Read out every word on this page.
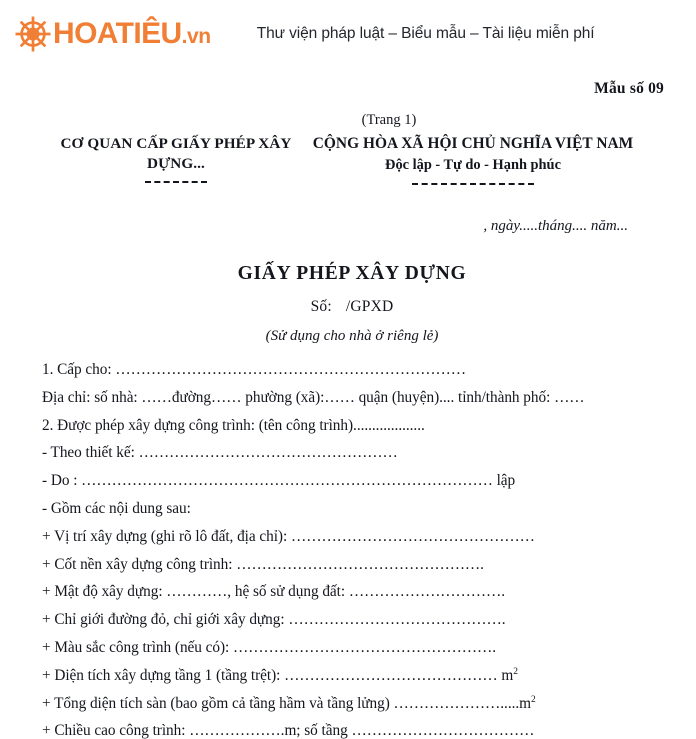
HOATIÊU.vn	Thư viện pháp luật – Biểu mẫu – Tài liệu miễn phí
Mẫu số 09
(Trang 1)
CƠ QUAN CẤP GIẤY PHÉP XÂY DỰNG...
CỘNG HÒA XÃ HỘI CHỦ NGHĨA VIỆT NAM
Độc lập - Tự do - Hạnh phúc
, ngày.....tháng.... năm...
GIẤY PHÉP XÂY DỰNG
Số: /GPXD
(Sử dụng cho nhà ở riêng lẻ)
1. Cấp cho: ……………………………………………………………
Địa chỉ: số nhà: ……đường…… phường (xã):…… quận (huyện).... tỉnh/thành phố: ……
2. Được phép xây dựng công trình: (tên công trình)...................
- Theo thiết kế: ……………………………………………
- Do : ……………………………………………………………………… lập
- Gồm các nội dung sau:
+ Vị trí xây dựng (ghi rõ lô đất, địa chỉ): …………………………………………
+ Cốt nền xây dựng công trình: ………………………………………….
+ Mật độ xây dựng: …………, hệ số sử dụng đất: ………………………….
+ Chỉ giới đường đỏ, chỉ giới xây dựng: …………………………………….
+ Màu sắc công trình (nếu có): …………………………………………….
+ Diện tích xây dựng tầng 1 (tầng trệt): …………………………………… $m^2$
+ Tổng diện tích sàn (bao gồm cả tầng hầm và tầng lửng) $\dots\dots\dots\dots\dots\dots\dots.....m^2$
+ Chiều cao công trình: ……………….m; số tầng ………………………………
